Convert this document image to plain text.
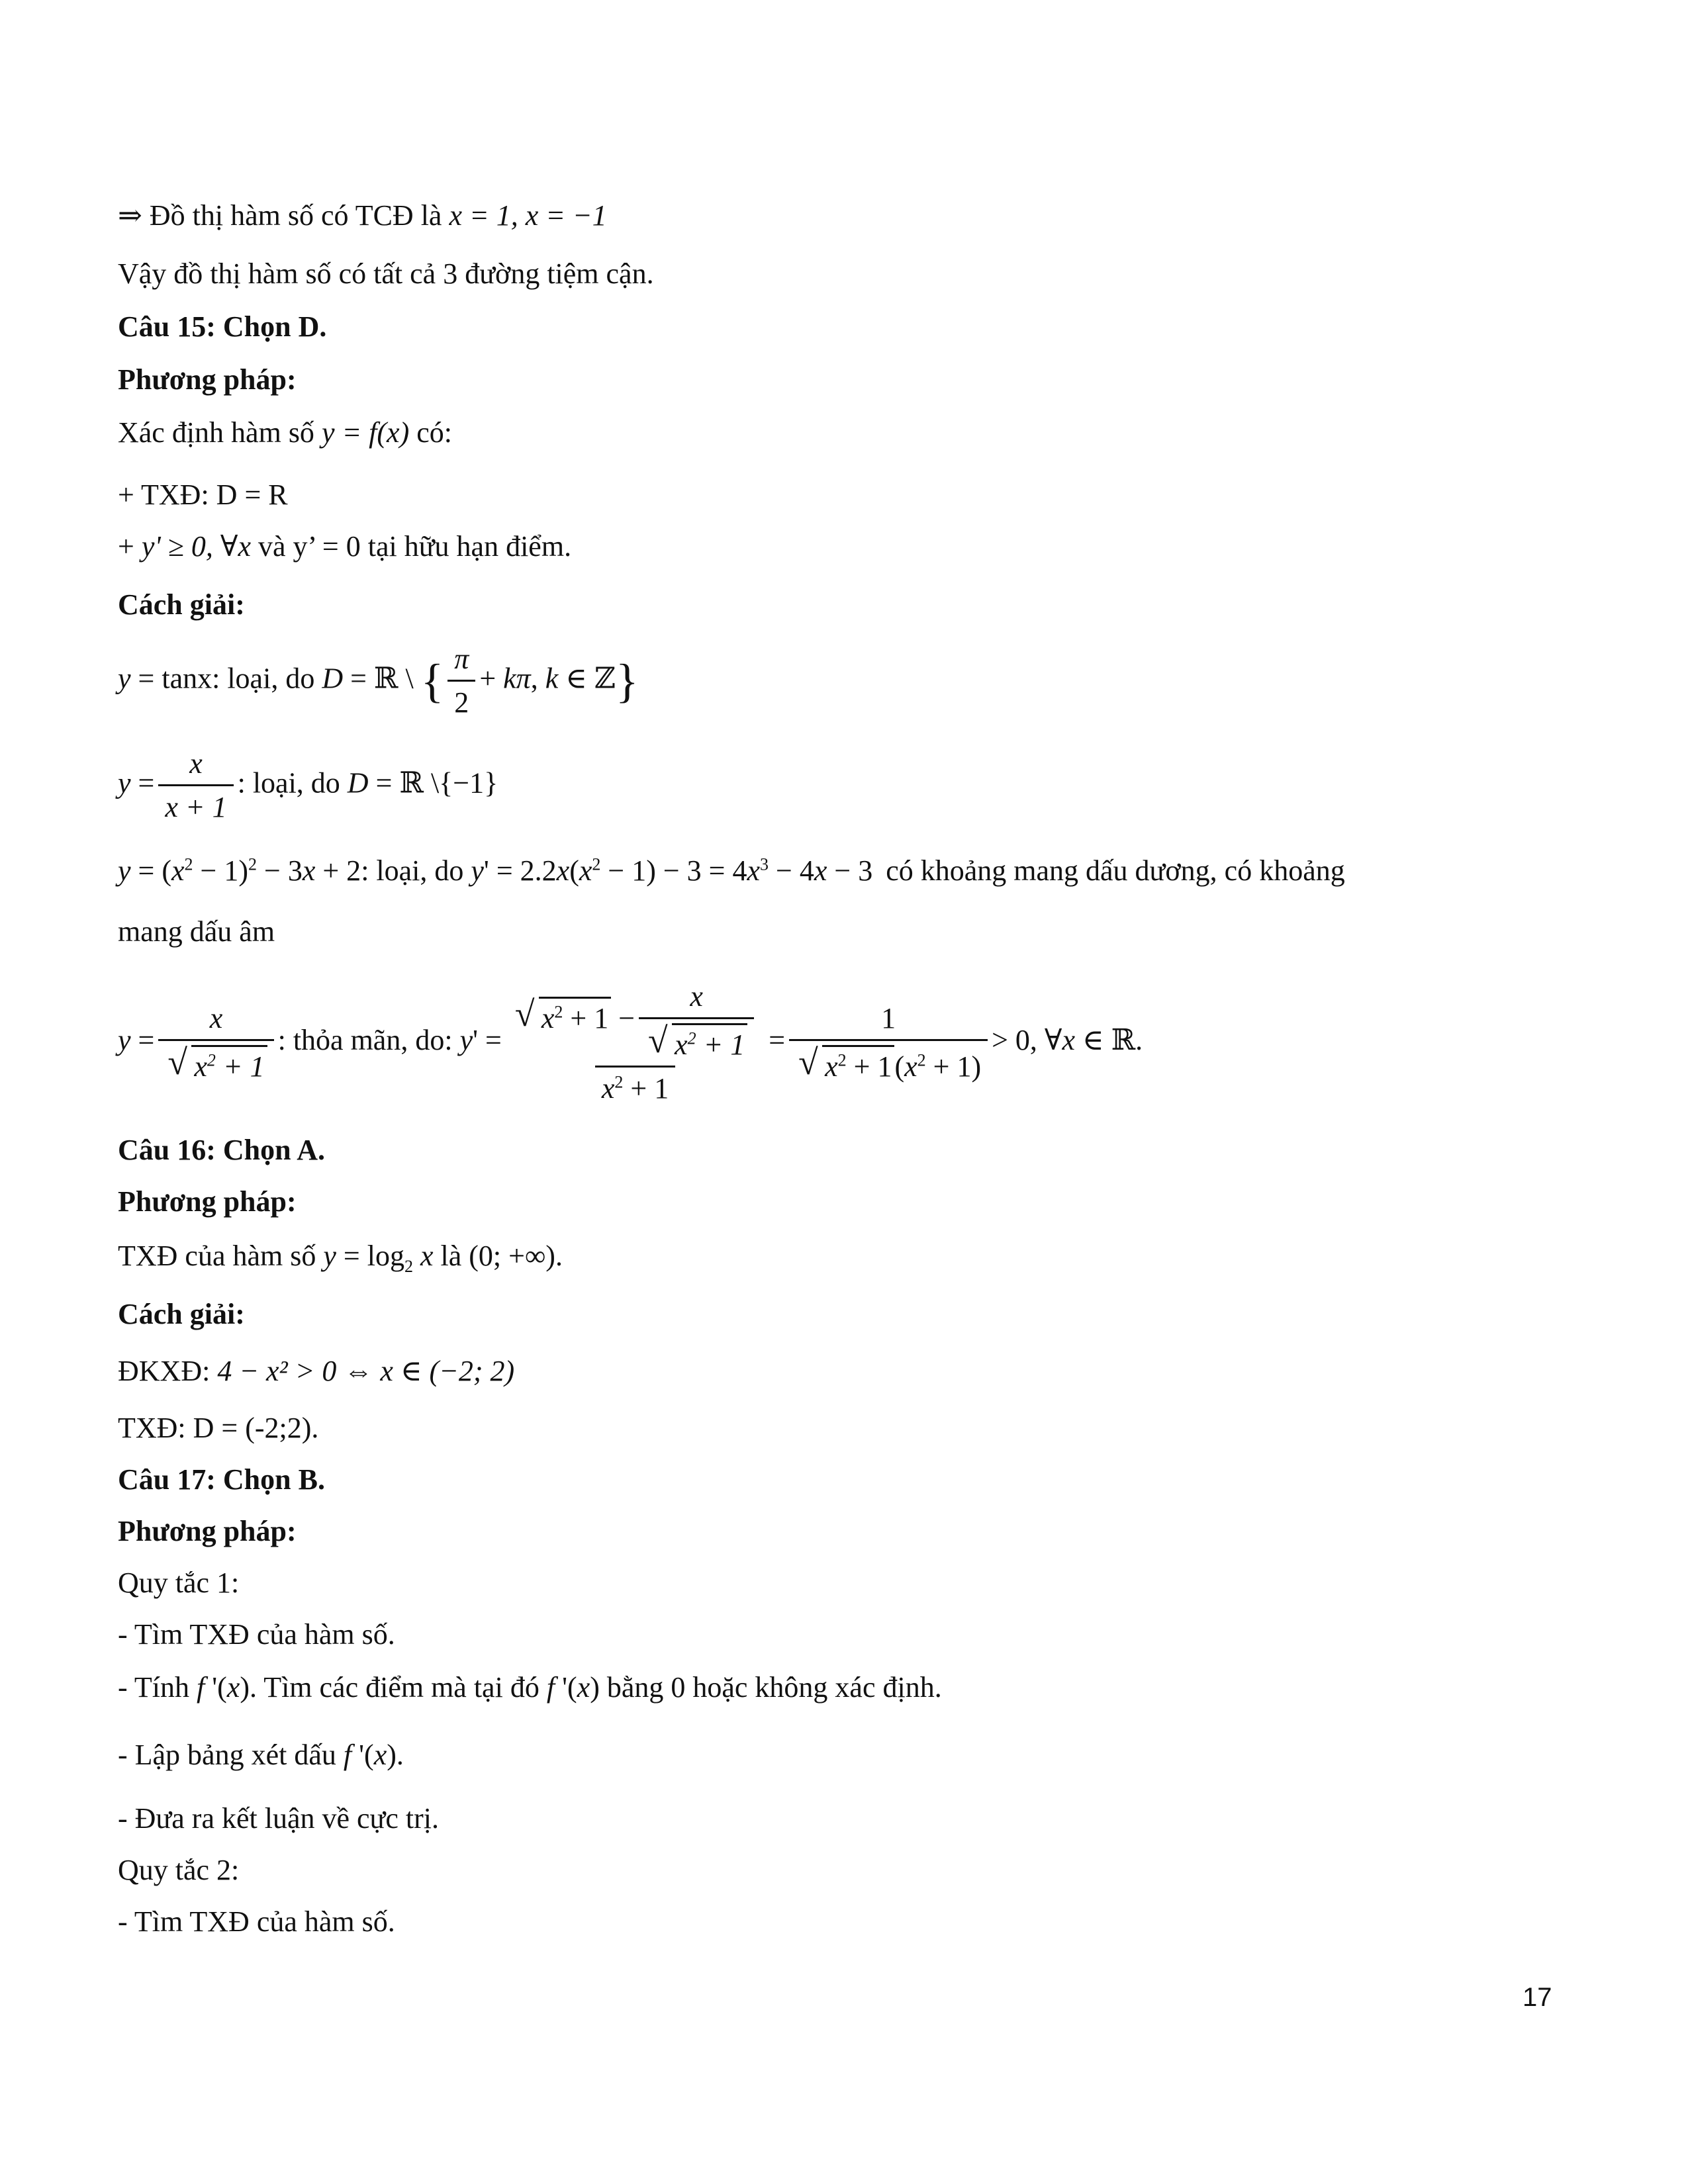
⇒ Đồ thị hàm số có TCĐ là x = 1, x = −1
Vậy đồ thị hàm số có tất cả 3 đường tiệm cận.
Câu 15: Chọn D.
Phương pháp:
Xác định hàm số y = f(x) có:
+ TXĐ: D = R
+ y' ≥ 0, ∀x và y’ = 0 tại hữu hạn điểm.
Cách giải:
y = tanx: loại, do D = ℝ \ { $\frac{\pi}{2} + k\pi$, k ∈ ℤ}
$y = \frac{x}{x + 1}$ : loại, do D = ℝ \{−1}
$y = (x^2 - 1)^2 - 3x + 2$: loại, do $y' = 2.2x(x^2 - 1) - 3 = 4x^3 - 4x - 3$ có khoảng mang dấu dương, có khoảng
mang dấu âm
y = x
√ $x^2 + 1$ : thỏa mãn, do: y' =
√ $x^2 + 1 - x$
√ $x^2 + 1$
$x^2 + 1 = 1$
√ $x^2 + 1(x^2 + 1) > 0$, ∀x ∈ ℝ.
Câu 16: Chọn A.
Phương pháp:
TXĐ của hàm số $y = \log_2 x$ là (0; +∞).
Cách giải:
ĐKXĐ: 4 − x² > 0 ⇔ x ∈ (−2; 2)
TXĐ: D = (-2;2).
Câu 17: Chọn B.
Phương pháp:
Quy tắc 1:
- Tìm TXĐ của hàm số.
- Tính f '(x). Tìm các điểm mà tại đó f '(x) bằng 0 hoặc không xác định.
- Lập bảng xét dấu f '(x).
- Đưa ra kết luận về cực trị.
Quy tắc 2:
- Tìm TXĐ của hàm số.
17
